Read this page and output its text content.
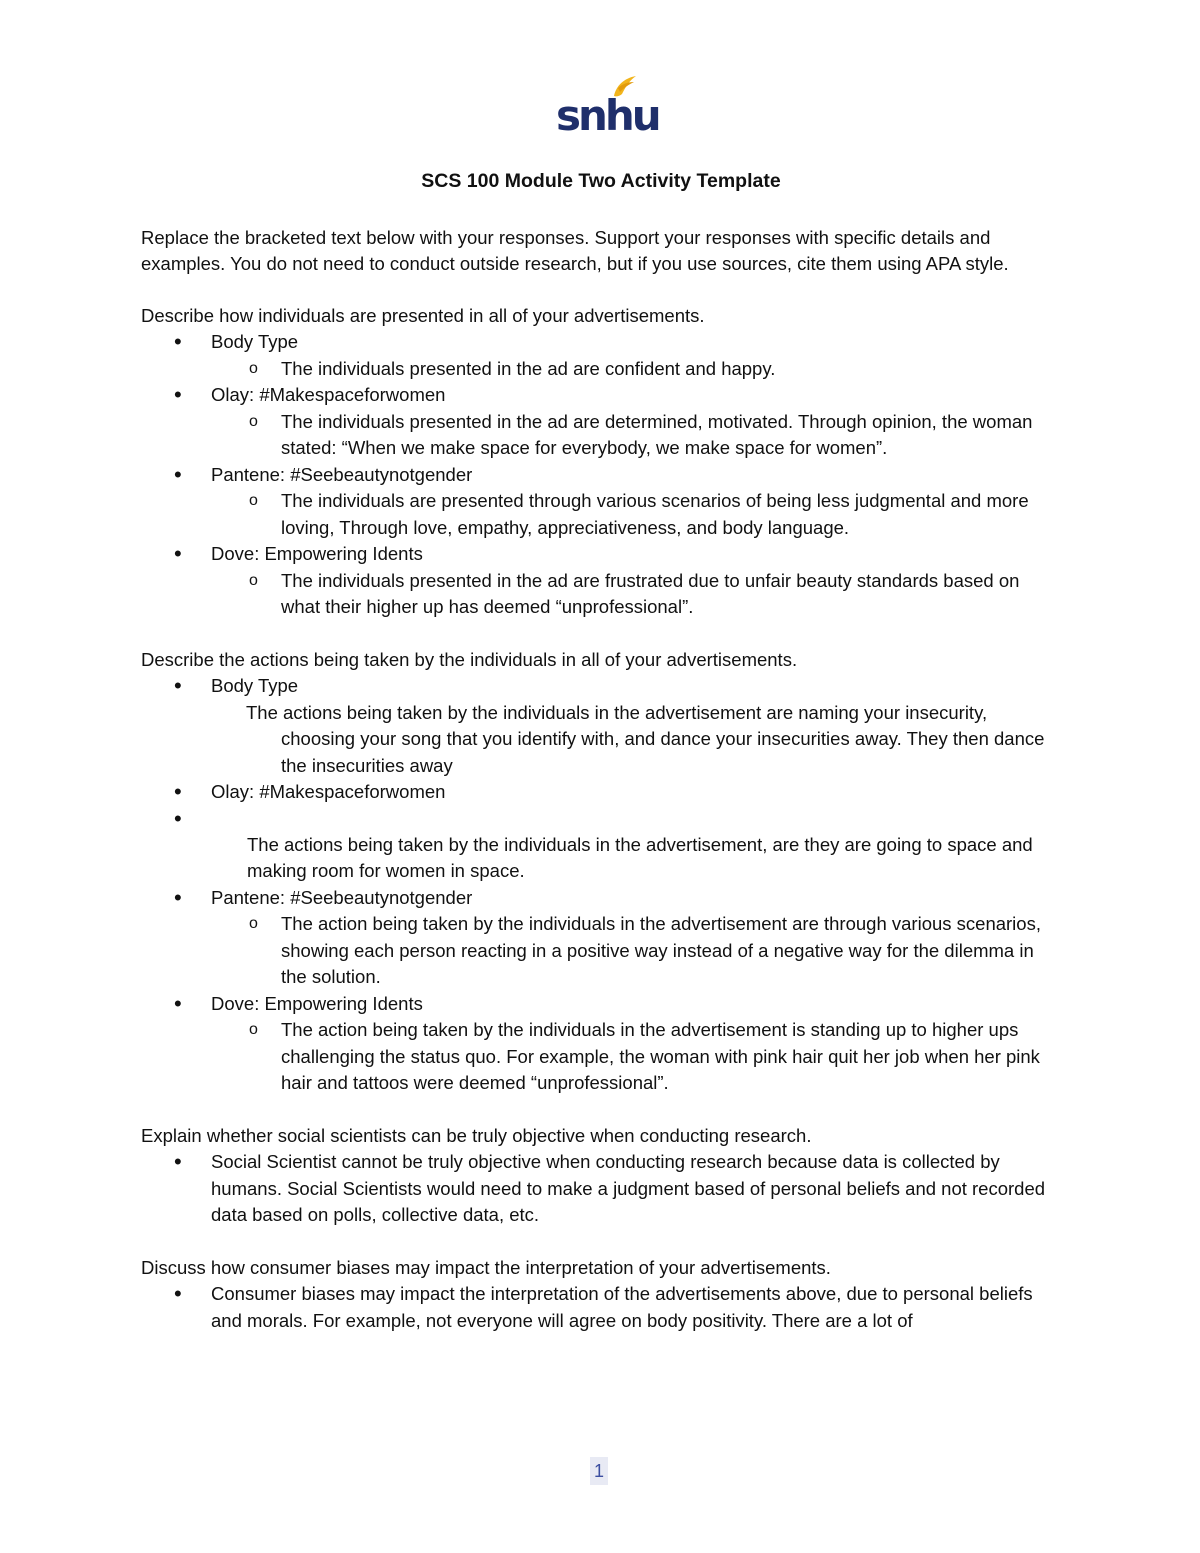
snhu

SCS 100 Module Two Activity Template

Replace the bracketed text below with your responses. Support your responses with specific details and examples. You do not need to conduct outside research, but if you use sources, cite them using APA style.

Describe how individuals are presented in all of your advertisements.

• Body Type
o The individuals presented in the ad are confident and happy.
• Olay: #Makespaceforwomen
o The individuals presented in the ad are determined, motivated. Through opinion, the woman stated: “When we make space for everybody, we make space for women”.
• Pantene: #Seebeautynotgender
o The individuals are presented through various scenarios of being less judgmental and more loving, Through love, empathy, appreciativeness, and body language.
• Dove: Empowering Idents
o The individuals presented in the ad are frustrated due to unfair beauty standards based on what their higher up has deemed “unprofessional”.

Describe the actions being taken by the individuals in all of your advertisements.

• Body Type

The actions being taken by the individuals in the advertisement are naming your insecurity, choosing your song that you identify with, and dance your insecurities away. They then dance the insecurities away

• Olay: #Makespaceforwomen
•

The actions being taken by the individuals in the advertisement, are they are going to space and making room for women in space.

• Pantene: #Seebeautynotgender
o The action being taken by the individuals in the advertisement are through various scenarios, showing each person reacting in a positive way instead of a negative way for the dilemma in the solution.
• Dove: Empowering Idents
o The action being taken by the individuals in the advertisement is standing up to higher ups challenging the status quo. For example, the woman with pink hair quit her job when her pink hair and tattoos were deemed “unprofessional”.

Explain whether social scientists can be truly objective when conducting research.

• Social Scientist cannot be truly objective when conducting research because data is collected by humans. Social Scientists would need to make a judgment based of personal beliefs and not recorded data based on polls, collective data, etc.

Discuss how consumer biases may impact the interpretation of your advertisements.

• Consumer biases may impact the interpretation of the advertisements above, due to personal beliefs and morals. For example, not everyone will agree on body positivity. There are a lot of
1
